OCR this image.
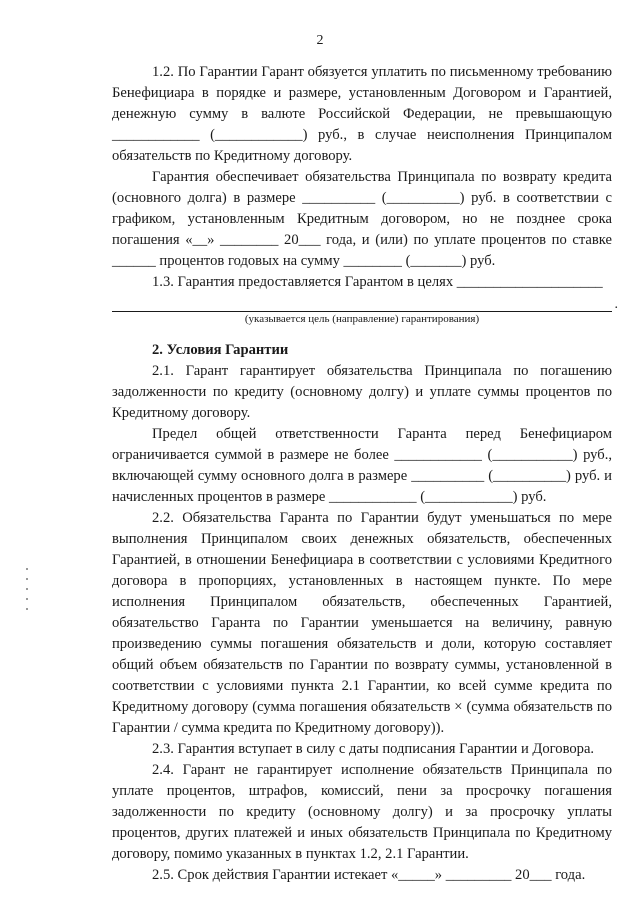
2

1.2. По Гарантии Гарант обязуется уплатить по письменному требованию Бенефициара в порядке и размере, установленным Договором и Гарантией, денежную сумму в валюте Российской Федерации, не превышающую ____________ (____________) руб., в случае неисполнения Принципалом обязательств по Кредитному договору.

Гарантия обеспечивает обязательства Принципала по возврату кредита (основного долга) в размере __________ (__________) руб. в соответствии с графиком, установленным Кредитным договором, но не позднее срока погашения «__» ________ 20___ года, и (или) по уплате процентов по ставке ______ процентов годовых на сумму ________ (_______) руб.

1.3. Гарантия предоставляется Гарантом в целях ____________________

.

(указывается цель (направление) гарантирования)

2. Условия Гарантии

2.1. Гарант гарантирует обязательства Принципала по погашению задолженности по кредиту (основному долгу) и уплате суммы процентов по Кредитному договору.

Предел общей ответственности Гаранта перед Бенефициаром ограничивается суммой в размере не более ____________ (___________) руб., включающей сумму основного долга в размере __________ (__________) руб. и начисленных процентов в размере ____________ (____________) руб.

2.2. Обязательства Гаранта по Гарантии будут уменьшаться по мере выполнения Принципалом своих денежных обязательств, обеспеченных Гарантией, в отношении Бенефициара в соответствии с условиями Кредитного договора в пропорциях, установленных в настоящем пункте. По мере исполнения Принципалом обязательств, обеспеченных Гарантией, обязательство Гаранта по Гарантии уменьшается на величину, равную произведению суммы погашения обязательств и доли, которую составляет общий объем обязательств по Гарантии по возврату суммы, установленной в соответствии с условиями пункта 2.1 Гарантии, ко всей сумме кредита по Кредитному договору (сумма погашения обязательств × (сумма обязательств по Гарантии / сумма кредита по Кредитному договору)).

2.3. Гарантия вступает в силу с даты подписания Гарантии и Договора.

2.4. Гарант не гарантирует исполнение обязательств Принципала по уплате процентов, штрафов, комиссий, пени за просрочку погашения задолженности по кредиту (основному долгу) и за просрочку уплаты процентов, других платежей и иных обязательств Принципала по Кредитному договору, помимо указанных в пунктах 1.2, 2.1 Гарантии.

2.5. Срок действия Гарантии истекает «_____» _________ 20___ года.
